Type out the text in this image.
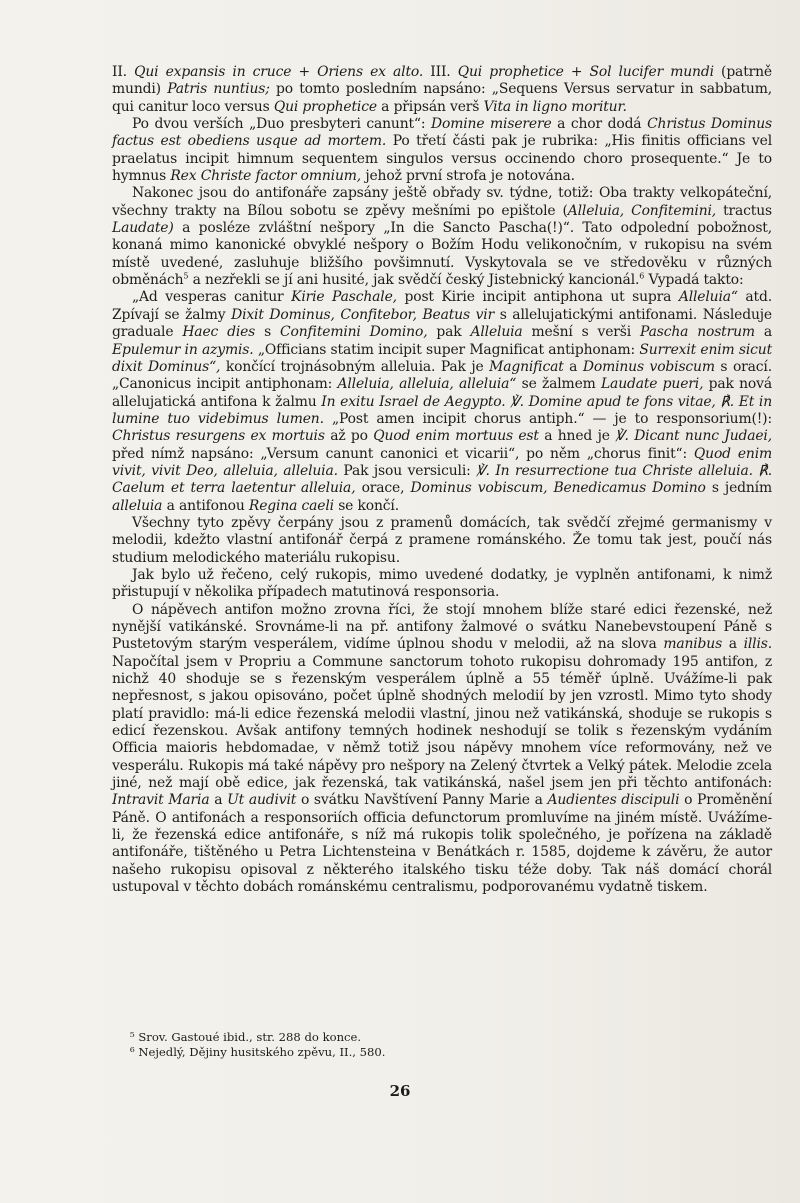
II. Qui expansis in cruce + Oriens ex alto. III. Qui prophetice + Sol lucifer mundi (patrně mundi) Patris nuntius; po tomto posledním napsáno: „Sequens Versus servatur in sabbatum, qui canitur loco versus Qui prophetice a připsán verš Vita in ligno moritur.

Po dvou verších „Duo presbyteri canunt“: Domine miserere a chor dodá Christus Dominus factus est obediens usque ad mortem. Po třetí části pak je rubrika: „His finitis officians vel praelatus incipit himnum sequentem singulos versus occinendo choro prosequente.“ Je to hymnus Rex Christe factor omnium, jehož první strofa je notována.

Nakonec jsou do antifonáře zapsány ještě obřady sv. týdne, totiž: Oba trakty velkopáteční, všechny trakty na Bílou sobotu se zpěvy mešními po epištole (Alleluia, Confitemini, tractus Laudate) a posléze zvláštní nešpory „In die Sancto Pascha(!)“. Tato odpolední pobožnost, konaná mimo kanonické obvyklé nešpory o Božím Hodu velikonočním, v rukopisu na svém místě uvedené, zasluhuje bližšího povšimnutí. Vyskytovala se ve středověku v různých obměnách$^5$ a nezřekli se jí ani husité, jak svědčí český Jistebnický kancionál.$^6$ Vypadá takto:

„Ad vesperas canitur Kirie Paschale, post Kirie incipit antiphona ut supra Alleluia“ atd. Zpívají se žalmy Dixit Dominus, Confitebor, Beatus vir s allelujatickými antifonami. Následuje graduale Haec dies s Confitemini Domino, pak Alleluia mešní s verši Pascha nostrum a Epulemur in azymis. „Officians statim incipit super Magnificat antiphonam: Surrexit enim sicut dixit Dominus“, končící trojnásobným alleluia. Pak je Magnificat a Dominus vobiscum s orací. „Canonicus incipit antiphonam: Alleluia, alleluia, alleluia“ se žalmem Laudate pueri, pak nová allelujatická antifona k žalmu In exitu Israel de Aegypto. ℣. Domine apud te fons vitae, ℟. Et in lumine tuo videbimus lumen. „Post amen incipit chorus antiph.“ — je to responsorium(!): Christus resurgens ex mortuis až po Quod enim mortuus est a hned je ℣. Dicant nunc Judaei, před nímž napsáno: „Versum canunt canonici et vicarii“, po něm „chorus finit“: Quod enim vivit, vivit Deo, alleluia, alleluia. Pak jsou versiculi: ℣. In resurrectione tua Christe alleluia. ℟. Caelum et terra laetentur alleluia, orace, Dominus vobiscum, Benedicamus Domino s jedním alleluia a antifonou Regina caeli se končí.

Všechny tyto zpěvy čerpány jsou z pramenů domácích, tak svědčí zřejmé germanismy v melodii, kdežto vlastní antifonář čerpá z pramene románského. Že tomu tak jest, poučí nás studium melodického materiálu rukopisu.

Jak bylo už řečeno, celý rukopis, mimo uvedené dodatky, je vyplněn antifonami, k nimž přistupují v několika případech matutinová responsoria.

O nápěvech antifon možno zrovna říci, že stojí mnohem blíže staré edici řezenské, než nynější vatikánské. Srovnáme-li na př. antifony žalmové o svátku Nanebevstoupení Páně s Pustetovým starým vesperálem, vidíme úplnou shodu v melodii, až na slova manibus a illis. Napočítal jsem v Propriu a Commune sanctorum tohoto rukopisu dohromady 195 antifon, z nichž 40 shoduje se s řezenským vesperálem úplně a 55 téměř úplně. Uvážíme-li pak nepřesnost, s jakou opisováno, počet úplně shodných melodií by jen vzrostl. Mimo tyto shody platí pravidlo: má-li edice řezenská melodii vlastní, jinou než vatikánská, shoduje se rukopis s edicí řezenskou. Avšak antifony temných hodinek neshodují se tolik s řezenským vydáním Officia maioris hebdomadae, v němž totiž jsou nápěvy mnohem více reformovány, než ve vesperálu. Rukopis má také nápěvy pro nešpory na Zelený čtvrtek a Velký pátek. Melodie zcela jiné, než mají obě edice, jak řezenská, tak vatikánská, našel jsem jen při těchto antifonách: Intravit Maria a Ut audivit o svátku Navštívení Panny Marie a Audientes discipuli o Proměnění Páně. O antifonách a responsoriích officia defunctorum promluvíme na jiném místě. Uvážíme-li, že řezenská edice antifonáře, s níž má rukopis tolik společného, je pořízena na základě antifonáře, tištěného u Petra Lichtensteina v Benátkách r. 1585, dojdeme k závěru, že autor našeho rukopisu opisoval z některého italského tisku téže doby. Tak náš domácí chorál ustupoval v těchto dobách románskému centralismu, podporovanému vydatně tiskem.

⁵ Srov. Gastoué ibid., str. 288 do konce.
⁶ Nejedlý, Dějiny husitského zpěvu, II., 580.
26
